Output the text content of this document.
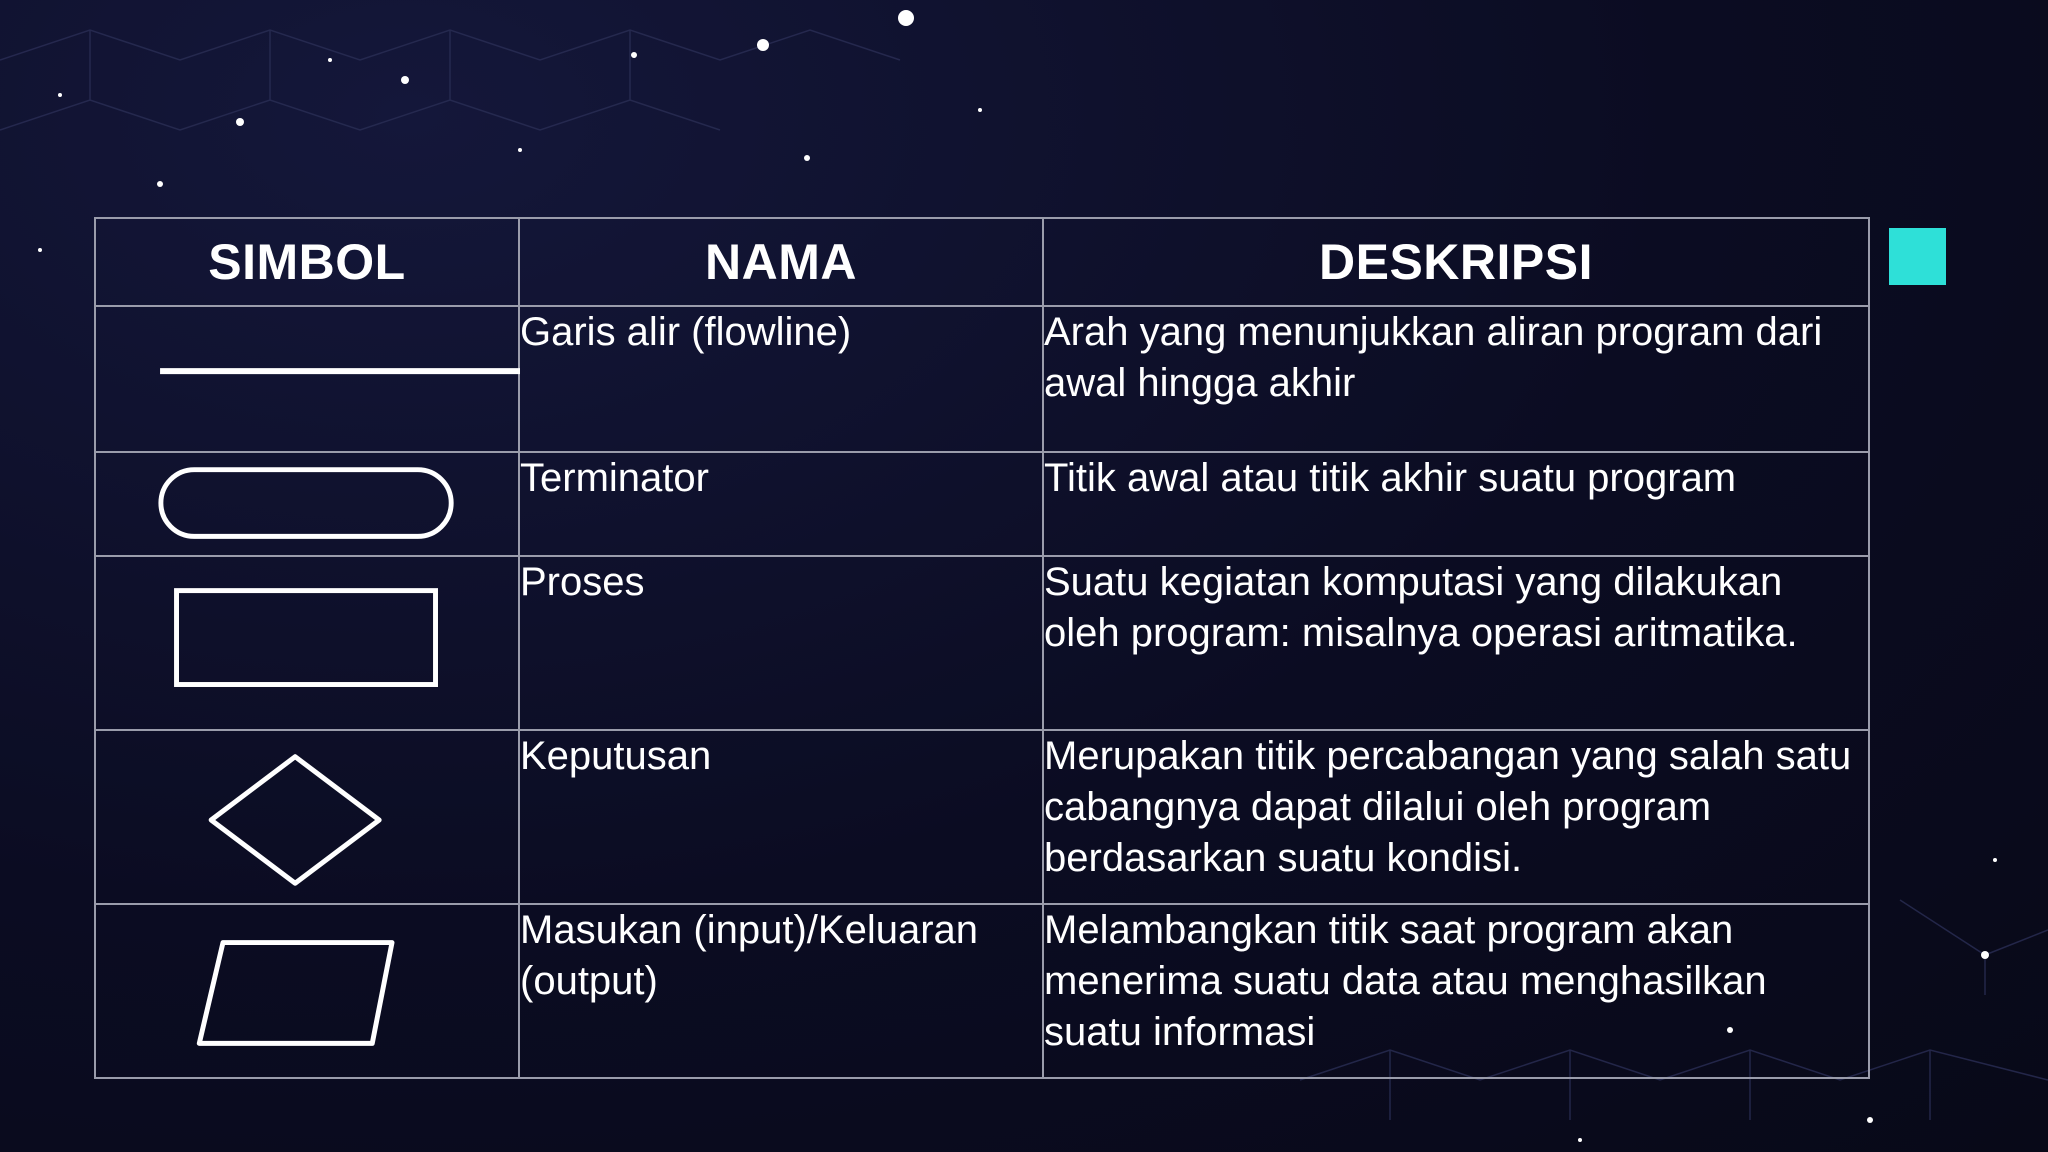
SIMBOL	NAMA	DESKRIPSI

	Garis alir (flowline)	Arah yang menunjukkan aliran program dari awal hingga akhir

	Terminator	Titik awal atau titik akhir suatu program

	Proses	Suatu kegiatan komputasi yang dilakukan oleh program: misalnya operasi aritmatika.

	Keputusan	Merupakan titik percabangan yang salah satu cabangnya dapat dilalui oleh program berdasarkan suatu kondisi.

	Masukan (input)/Keluaran (output)	Melambangkan titik saat program akan menerima suatu data atau menghasilkan suatu informasi
